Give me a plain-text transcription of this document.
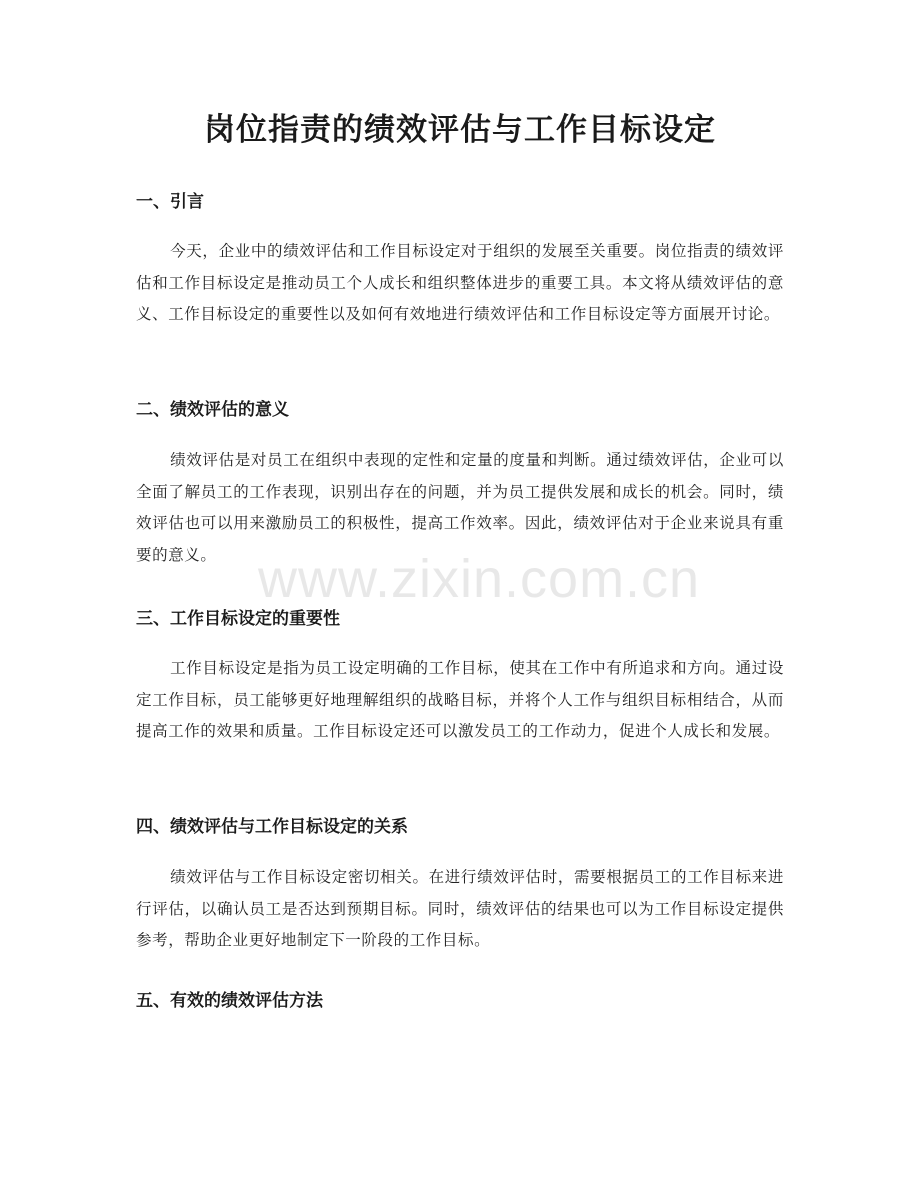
岗位指责的绩效评估与工作目标设定
一、引言

今天，企业中的绩效评估和工作目标设定对于组织的发展至关重要。岗位指责的绩效评估和工作目标设定是推动员工个人成长和组织整体进步的重要工具。本文将从绩效评估的意义、工作目标设定的重要性以及如何有效地进行绩效评估和工作目标设定等方面展开讨论。

二、绩效评估的意义

绩效评估是对员工在组织中表现的定性和定量的度量和判断。通过绩效评估，企业可以全面了解员工的工作表现，识别出存在的问题，并为员工提供发展和成长的机会。同时，绩效评估也可以用来激励员工的积极性，提高工作效率。因此，绩效评估对于企业来说具有重要的意义。

三、工作目标设定的重要性

工作目标设定是指为员工设定明确的工作目标，使其在工作中有所追求和方向。通过设定工作目标，员工能够更好地理解组织的战略目标，并将个人工作与组织目标相结合，从而提高工作的效果和质量。工作目标设定还可以激发员工的工作动力，促进个人成长和发展。

四、绩效评估与工作目标设定的关系

绩效评估与工作目标设定密切相关。在进行绩效评估时，需要根据员工的工作目标来进行评估，以确认员工是否达到预期目标。同时，绩效评估的结果也可以为工作目标设定提供参考，帮助企业更好地制定下一阶段的工作目标。

五、有效的绩效评估方法
www.zixin.com.cn
